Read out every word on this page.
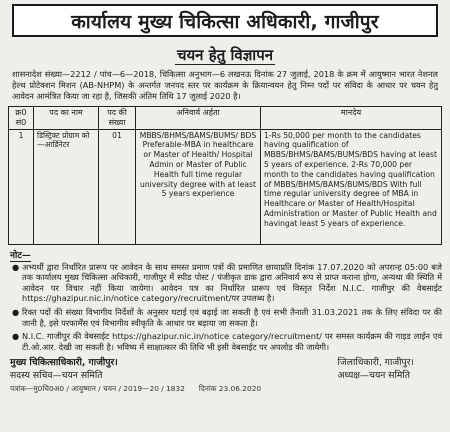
कार्यालय मुख्य चिकित्सा अधिकारी, गाजीपुर
चयन हेतु विज्ञापन

शासनादेश संख्या—2212 / पांच—6—2018, चिकित्सा अनुभाग—6 लखनऊ दिनांक 27 जुलाई, 2018 के क्रम में आयुष्मान भारत नेशनल हेल्थ प्रोटेक्शन मिशन (AB-NHPM) के अन्तर्गत जनपद स्तर पर कार्यक्रम के क्रियान्वयन हेतु निम्न पदों पर संविदा के आधार पर चयन हेतु आवेदन आमंत्रित किया जा रहा है, जिसकी अंतिम तिथि 17 जुलाई 2020 है।

क्र0 सं0	पद का नाम	पद की संख्या	अनिवार्य अर्हता	मानदेय
1	डिस्ट्रिक्ट प्रोग्राम को—आर्डिनेटर	01	MBBS/BHMS/BAMS/BUMS/ BDS Preferable-MBA in healthcare or Master of Health/ Hospital Admin or Master of Public Health full time regular university degree with at least 5 years experience	1-Rs 50,000 per month to the candidates having qualification of MBBS/BHMS/BAMS/BUMS/BDS having at least 5 years of experience. 2-Rs 70,000 per month to the candidates having qualification of MBBS/BHMS/BAMS/BUMS/BDS With full time regular university degree of MBA in Healthcare or Master of Health/Hospital Administration or Master of Public Health and havingat least 5 years of experience.
नोट—
● अभ्यर्थी द्वारा निर्धारित प्रारूप पर आवेदन के साथ समस्त प्रमाण पत्रों की प्रमाणित छायाप्रति दिनांक 17.07.2020 को अपरान्ह 05:00 बजे तक कार्यालय मुख्य चिकित्सा अधिकारी, गाजीपुर में स्पीड पोस्ट / पंजीकृत डाक द्वारा अनिवार्य रूप से प्राप्त कराना होगा, अन्यथा की स्थिति में आवेदन पर विचार नहीं किया जायेगा। आवेदन पत्र का निर्धारित प्रारूप एवं विस्तृत निर्देश N.I.C. गाजीपुर की वेबसाईट https://ghazipur.nic.in/notice category/recruitment/पर उपलब्ध है।
● रिक्त पदों की संख्या विभागीय निर्देशों के अनुसार घटाई एवं बढ़ाई जा सकती है एवं सभी तैनाती 31.03.2021 तक के लिए संविदा पर की जानी है, इसे परफार्मेंस एवं विभागीय स्वीकृति के आधार पर बढ़ाया जा सकता है।
● N.I.C. गाजीपुर की वेबसाईट https://ghazipur.nic.in/notice category/recruitment/ पर समस्त कार्यक्रम की गाइड लाईन एवं टी.ओ.आर. देखी जा सकती है। भविष्य में साक्षात्कार की तिथि भी इसी वेबसाईट पर अपलोड की जायेगी।
मुख्य चिकित्साधिकारी, गाजीपुर।
सदस्य सचिव—चयन समिति
जिलाधिकारी, गाजीपुर।
अध्यक्ष—चयन समिति
पत्रांक—मु0चि0अ0 / आयुष्मान / चयन / 2019—20 / 1832 दिनांक 23.06.2020
